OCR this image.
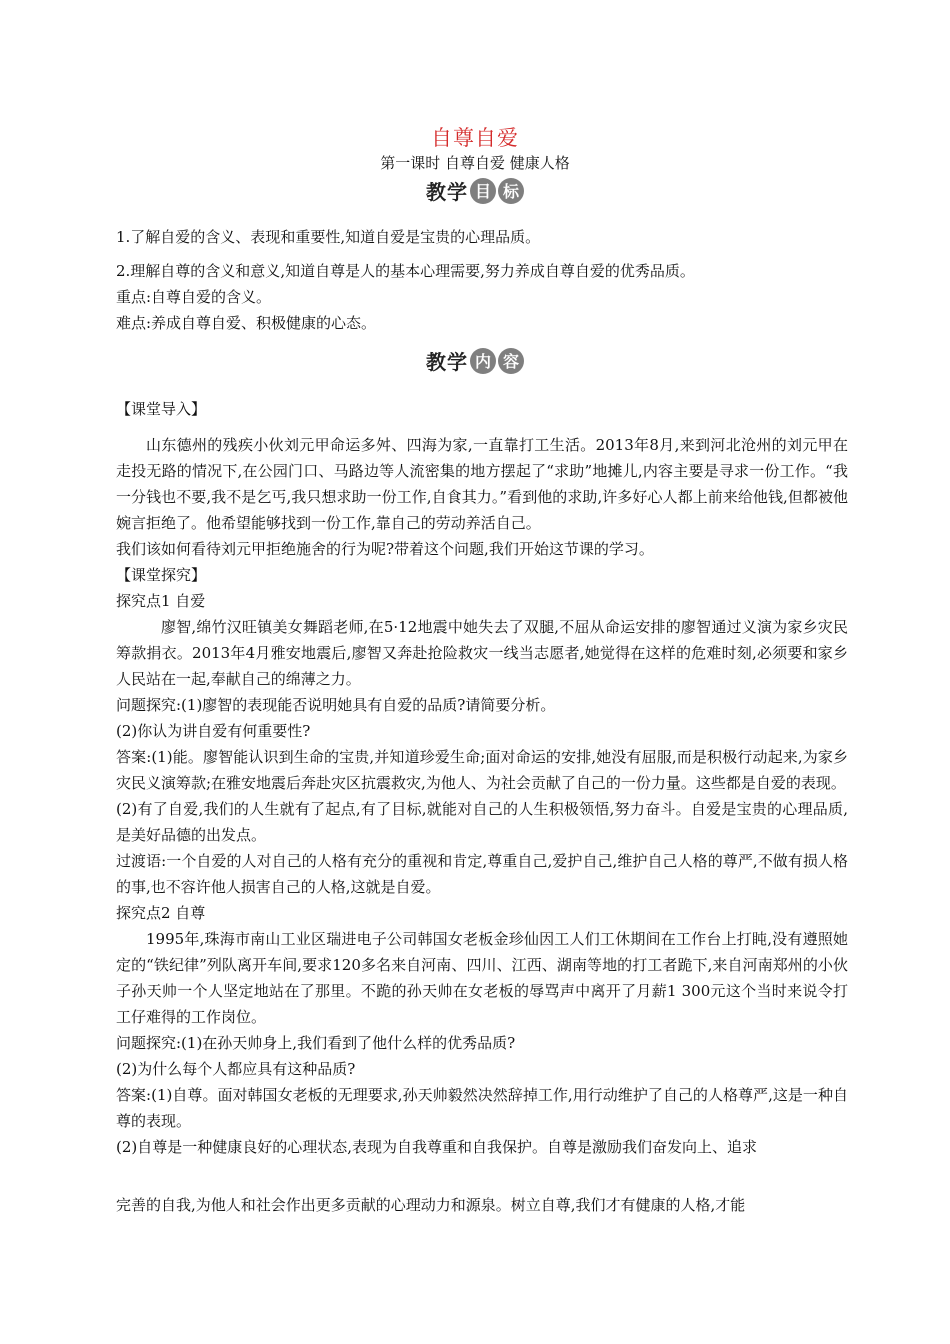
自尊自爱
第一课时 自尊自爱 健康人格
教学 目 标

1.了解自爱的含义、表现和重要性,知道自爱是宝贵的心理品质。

2.理解自尊的含义和意义,知道自尊是人的基本心理需要,努力养成自尊自爱的优秀品质。

重点:自尊自爱的含义。

难点:养成自尊自爱、积极健康的心态。

教学 内 容

【课堂导入】

山东德州的残疾小伙刘元甲命运多舛、四海为家,一直靠打工生活。2013年8月,来到河北沧州的刘元甲在走投无路的情况下,在公园门口、马路边等人流密集的地方摆起了“求助”地摊儿,内容主要是寻求一份工作。“我一分钱也不要,我不是乞丐,我只想求助一份工作,自食其力。”看到他的求助,许多好心人都上前来给他钱,但都被他婉言拒绝了。他希望能够找到一份工作,靠自己的劳动养活自己。

我们该如何看待刘元甲拒绝施舍的行为呢?带着这个问题,我们开始这节课的学习。

【课堂探究】

探究点1 自爱

廖智,绵竹汉旺镇美女舞蹈老师,在5·12地震中她失去了双腿,不屈从命运安排的廖智通过义演为家乡灾民筹款捐衣。2013年4月雅安地震后,廖智又奔赴抢险救灾一线当志愿者,她觉得在这样的危难时刻,必须要和家乡人民站在一起,奉献自己的绵薄之力。

问题探究:(1)廖智的表现能否说明她具有自爱的品质?请简要分析。

(2)你认为讲自爱有何重要性?

答案:(1)能。廖智能认识到生命的宝贵,并知道珍爱生命;面对命运的安排,她没有屈服,而是积极行动起来,为家乡灾民义演筹款;在雅安地震后奔赴灾区抗震救灾,为他人、为社会贡献了自己的一份力量。这些都是自爱的表现。

(2)有了自爱,我们的人生就有了起点,有了目标,就能对自己的人生积极领悟,努力奋斗。自爱是宝贵的心理品质,是美好品德的出发点。

过渡语:一个自爱的人对自己的人格有充分的重视和肯定,尊重自己,爱护自己,维护自己人格的尊严,不做有损人格的事,也不容许他人损害自己的人格,这就是自爱。

探究点2 自尊

1995年,珠海市南山工业区瑞进电子公司韩国女老板金珍仙因工人们工休期间在工作台上打盹,没有遵照她定的“铁纪律”列队离开车间,要求120多名来自河南、四川、江西、湖南等地的打工者跪下,来自河南郑州的小伙子孙天帅一个人坚定地站在了那里。不跪的孙天帅在女老板的辱骂声中离开了月薪1 300元这个当时来说令打工仔难得的工作岗位。

问题探究:(1)在孙天帅身上,我们看到了他什么样的优秀品质?

(2)为什么每个人都应具有这种品质?

答案:(1)自尊。面对韩国女老板的无理要求,孙天帅毅然决然辞掉工作,用行动维护了自己的人格尊严,这是一种自尊的表现。

(2)自尊是一种健康良好的心理状态,表现为自我尊重和自我保护。自尊是激励我们奋发向上、追求

完善的自我,为他人和社会作出更多贡献的心理动力和源泉。树立自尊,我们才有健康的人格,才能
